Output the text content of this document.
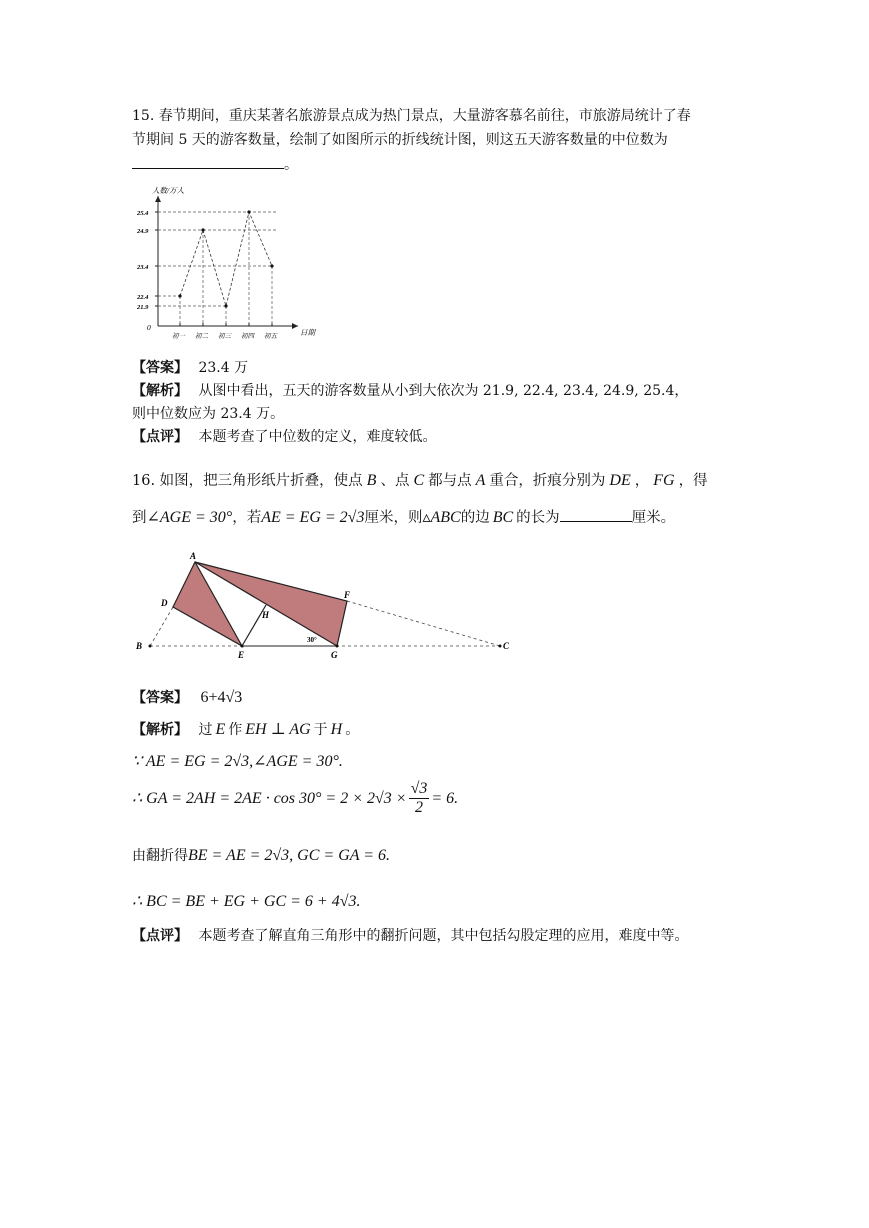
15. 春节期间，重庆某著名旅游景点成为热门景点，大量游客慕名前往，市旅游局统计了春
节期间 5 天的游客数量，绘制了如图所示的折线统计图，则这五天游客数量的中位数为
。
人数/万人
日期
0
25.4
24.9
23.4
22.4
21.9
初一 初二 初三 初四 初五
【答案】 23.4 万
【解析】 从图中看出，五天的游客数量从小到大依次为 21.9, 22.4, 23.4, 24.9, 25.4，
则中位数应为 23.4 万。
【点评】 本题考查了中位数的定义，难度较低。
16. 如图，把三角形纸片折叠，使点 B 、点 C 都与点 A 重合，折痕分别为 DE ， FG ，得
到∠AGE = 30°，若AE = EG = 2√3厘米，则▵ABC的边 BC 的长为	厘米。
A
B	C
D
E
F
G
H
30°
【答案】 6+4√3
【解析】 过 E 作 EH ⊥ AG 于 H 。
∵ AE = EG = 2√3,∠AGE = 30°.
∴ GA = $2AH = 2AE \cdot \cos 30^\circ = 2 \times 2√3 \times \frac{√3}{2} = 6$.
由翻折得BE = AE = 2√3, GC = GA = 6.
∴ BC = BE + EG + GC = 6 + 4√3.
【点评】 本题考查了解直角三角形中的翻折问题，其中包括勾股定理的应用，难度中等。
